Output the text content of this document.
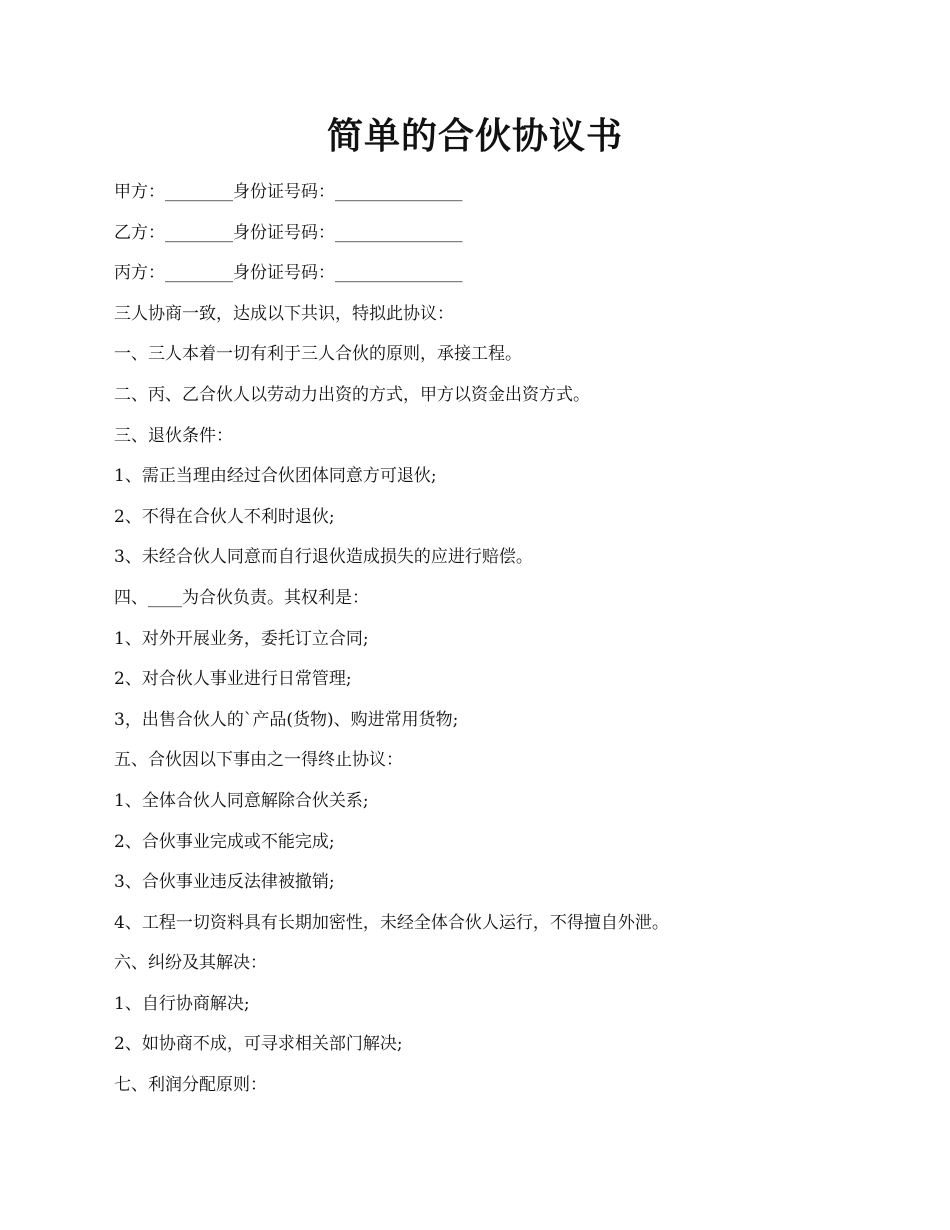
简单的合伙协议书
甲方：________身份证号码：_______________
乙方：________身份证号码：_______________
丙方：________身份证号码：_______________
三人协商一致，达成以下共识，特拟此协议：
一、三人本着一切有利于三人合伙的原则，承接工程。
二、丙、乙合伙人以劳动力出资的方式，甲方以资金出资方式。
三、退伙条件：
1、需正当理由经过合伙团体同意方可退伙;
2、不得在合伙人不利时退伙;
3、未经合伙人同意而自行退伙造成损失的应进行赔偿。
四、____为合伙负责。其权利是：
1、对外开展业务，委托订立合同;
2、对合伙人事业进行日常管理;
3，出售合伙人的`产品(货物)、购进常用货物;
五、合伙因以下事由之一得终止协议：
1、全体合伙人同意解除合伙关系;
2、合伙事业完成或不能完成;
3、合伙事业违反法律被撤销;
4、工程一切资料具有长期加密性，未经全体合伙人运行，不得擅自外泄。
六、纠纷及其解决：
1、自行协商解决;
2、如协商不成，可寻求相关部门解决;
七、利润分配原则：
